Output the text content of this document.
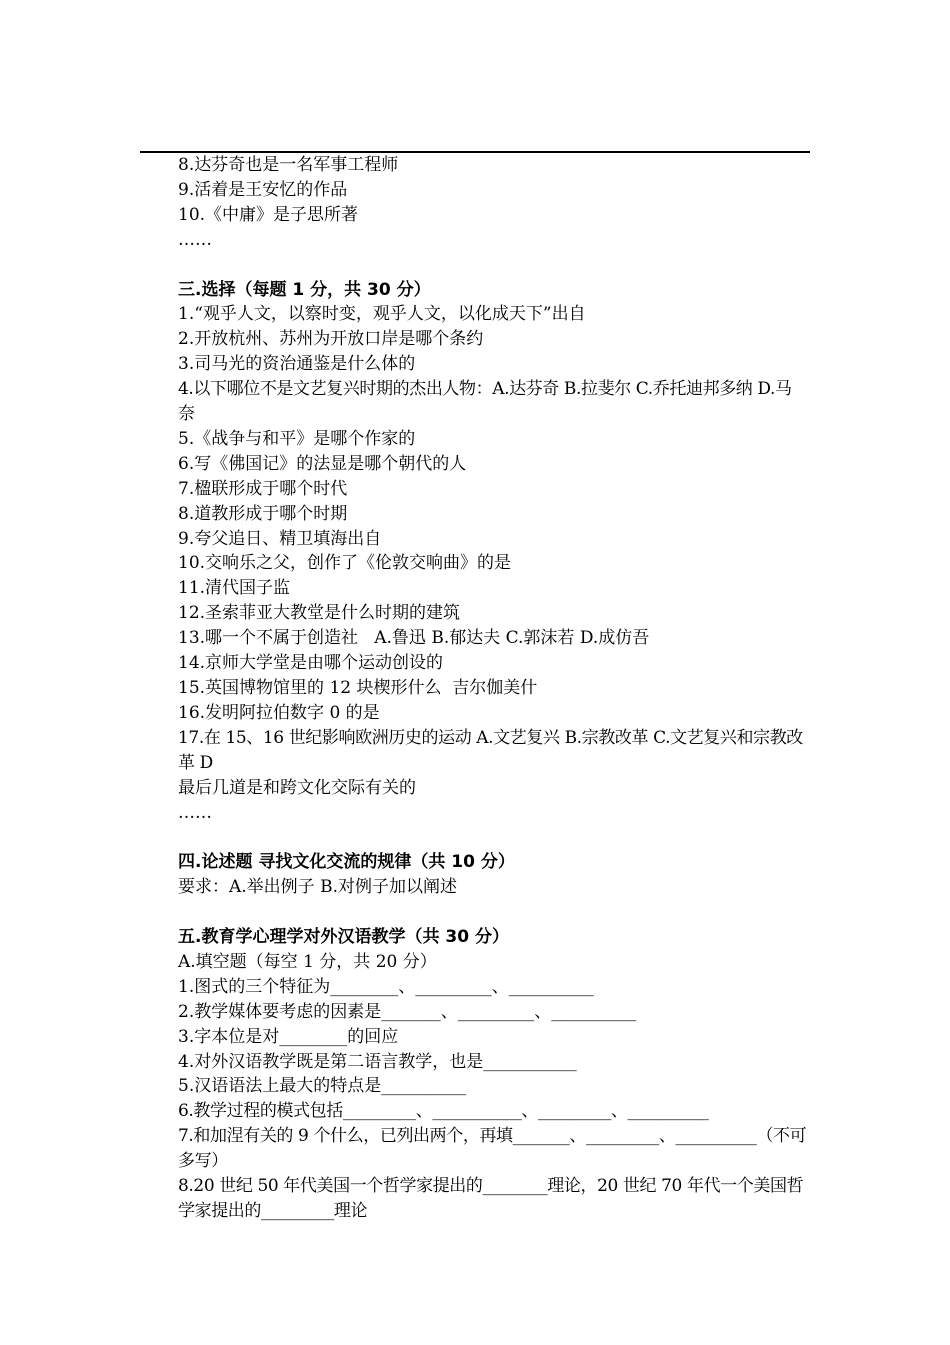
8.达芬奇也是一名军事工程师
9.活着是王安忆的作品
10.《中庸》是子思所著
……
三.选择（每题 1 分，共 30 分）
1.“观乎人文，以察时变，观乎人文，以化成天下”出自
2.开放杭州、苏州为开放口岸是哪个条约
3.司马光的资治通鉴是什么体的
4.以下哪位不是文艺复兴时期的杰出人物：A.达芬奇 B.拉斐尔 C.乔托迪邦多纳 D.马奈
5.《战争与和平》是哪个作家的
6.写《佛国记》的法显是哪个朝代的人
7.楹联形成于哪个时代
8.道教形成于哪个时期
9.夸父追日、精卫填海出自
10.交响乐之父，创作了《伦敦交响曲》的是
11.清代国子监
12.圣索菲亚大教堂是什么时期的建筑
13.哪一个不属于创造社   A.鲁迅 B.郁达夫 C.郭沫若 D.成仿吾
14.京师大学堂是由哪个运动创设的
15.英国博物馆里的 12 块楔形什么  吉尔伽美什
16.发明阿拉伯数字 0 的是
17.在 15、16 世纪影响欧洲历史的运动 A.文艺复兴 B.宗教改革 C.文艺复兴和宗教改革 D
最后几道是和跨文化交际有关的
……
四.论述题 寻找文化交流的规律（共 10 分）
要求：A.举出例子 B.对例子加以阐述
五.教育学心理学对外汉语教学（共 30 分）
A.填空题（每空 1 分，共 20 分）
1.图式的三个特征为________、_________、__________
2.教学媒体要考虑的因素是_______、_________、__________
3.字本位是对________的回应
4.对外汉语教学既是第二语言教学，也是___________
5.汉语语法上最大的特点是__________
6.教学过程的模式包括_________、___________、_________、__________
7.和加涅有关的 9 个什么，已列出两个，再填_______、_________、__________（不可多写）
8.20 世纪 50 年代美国一个哲学家提出的________理论，20 世纪 70 年代一个美国哲学家提出的_________理论
